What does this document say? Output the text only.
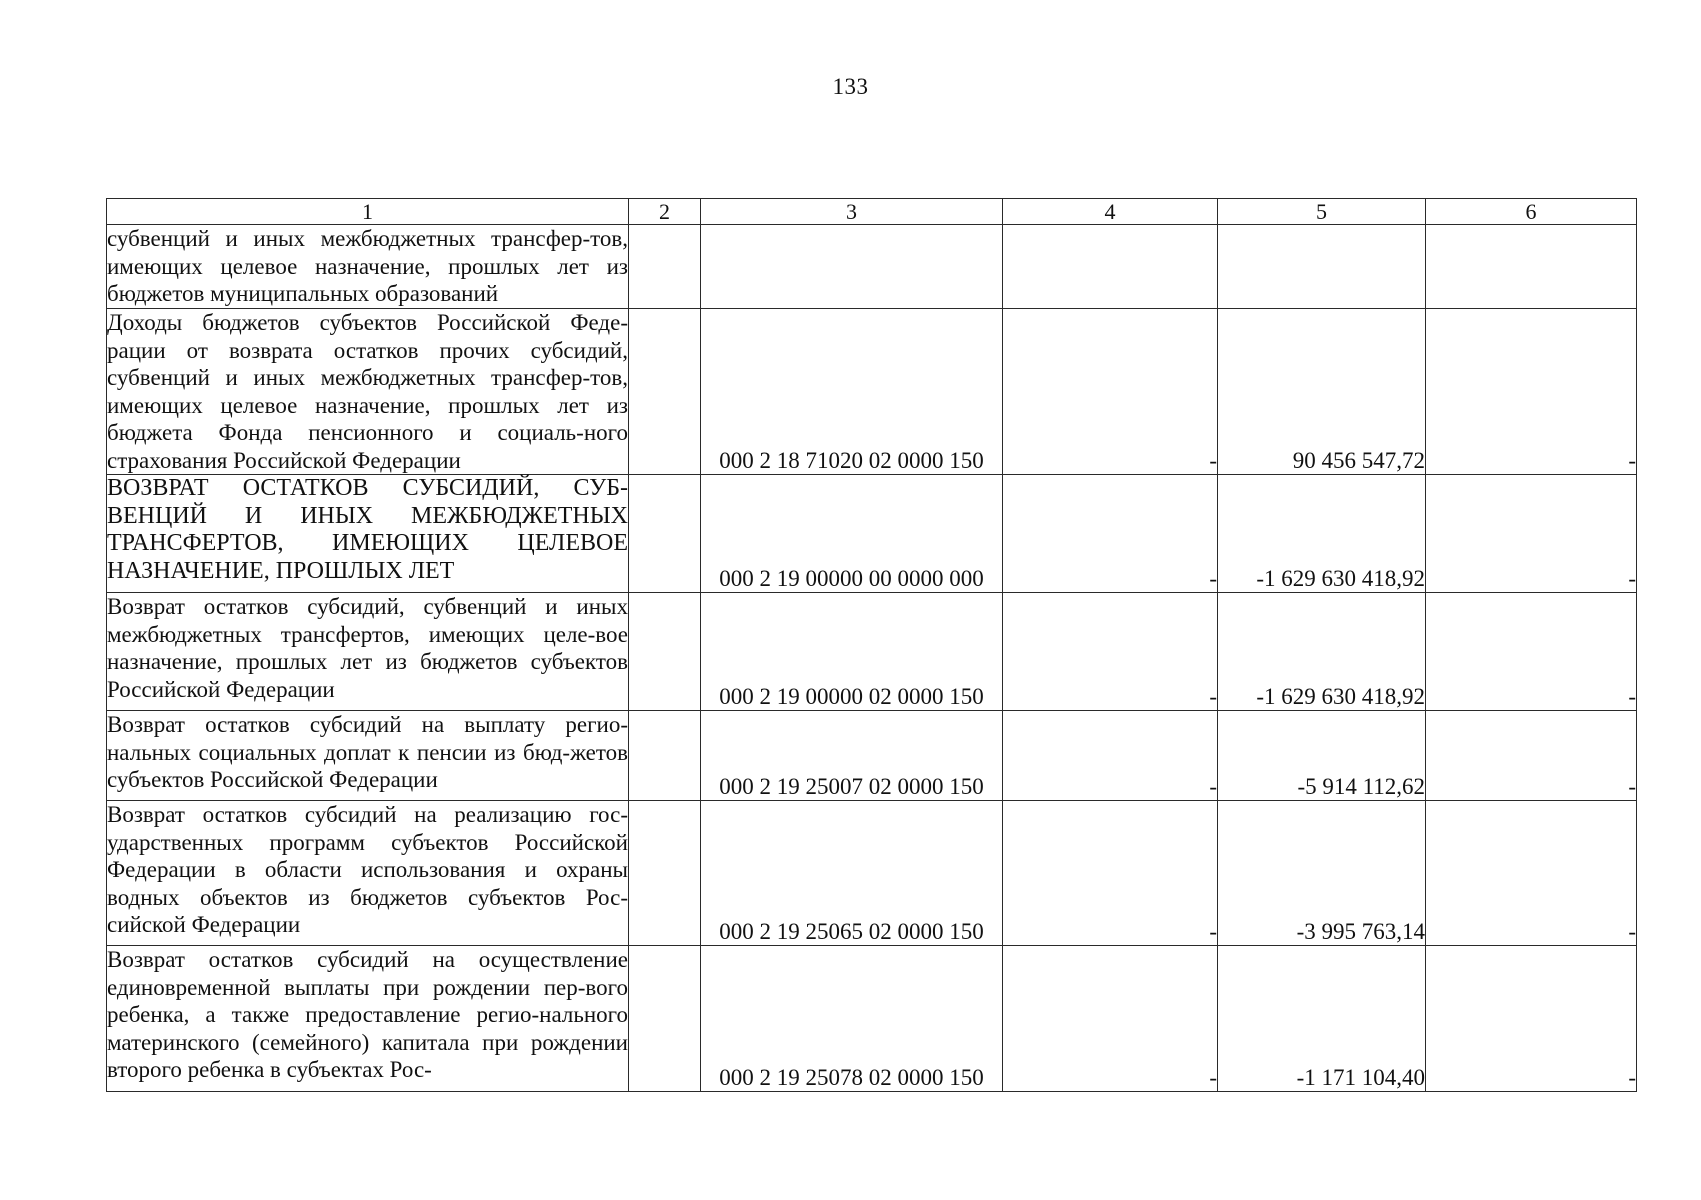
133
1	2	3	4	5	6
субвенций и иных межбюджетных трансфер-тов, имеющих целевое назначение, прошлых лет из бюджетов муниципальных образований					
Доходы бюджетов субъектов Российской Феде-рации от возврата остатков прочих субсидий, субвенций и иных межбюджетных трансфер-тов, имеющих целевое назначение, прошлых лет из бюджета Фонда пенсионного и социаль-ного страхования Российской Федерации		000 2 18 71020 02 0000 150	-	90 456 547,72	-
ВОЗВРАТ ОСТАТКОВ СУБСИДИЙ, СУБ-ВЕНЦИЙ И ИНЫХ МЕЖБЮДЖЕТНЫХ ТРАНСФЕРТОВ, ИМЕЮЩИХ ЦЕЛЕВОЕ НАЗНАЧЕНИЕ, ПРОШЛЫХ ЛЕТ		000 2 19 00000 00 0000 000	-	-1 629 630 418,92	-
Возврат остатков субсидий, субвенций и иных межбюджетных трансфертов, имеющих целе-вое назначение, прошлых лет из бюджетов субъектов Российской Федерации		000 2 19 00000 02 0000 150	-	-1 629 630 418,92	-
Возврат остатков субсидий на выплату регио-нальных социальных доплат к пенсии из бюд-жетов субъектов Российской Федерации		000 2 19 25007 02 0000 150	-	-5 914 112,62	-
Возврат остатков субсидий на реализацию гос-ударственных программ субъектов Российской Федерации в области использования и охраны водных объектов из бюджетов субъектов Рос-сийской Федерации		000 2 19 25065 02 0000 150	-	-3 995 763,14	-
Возврат остатков субсидий на осуществление единовременной выплаты при рождении пер-вого ребенка, а также предоставление регио-нального материнского (семейного) капитала при рождении второго ребенка в субъектах Рос-		000 2 19 25078 02 0000 150	-	-1 171 104,40	-
